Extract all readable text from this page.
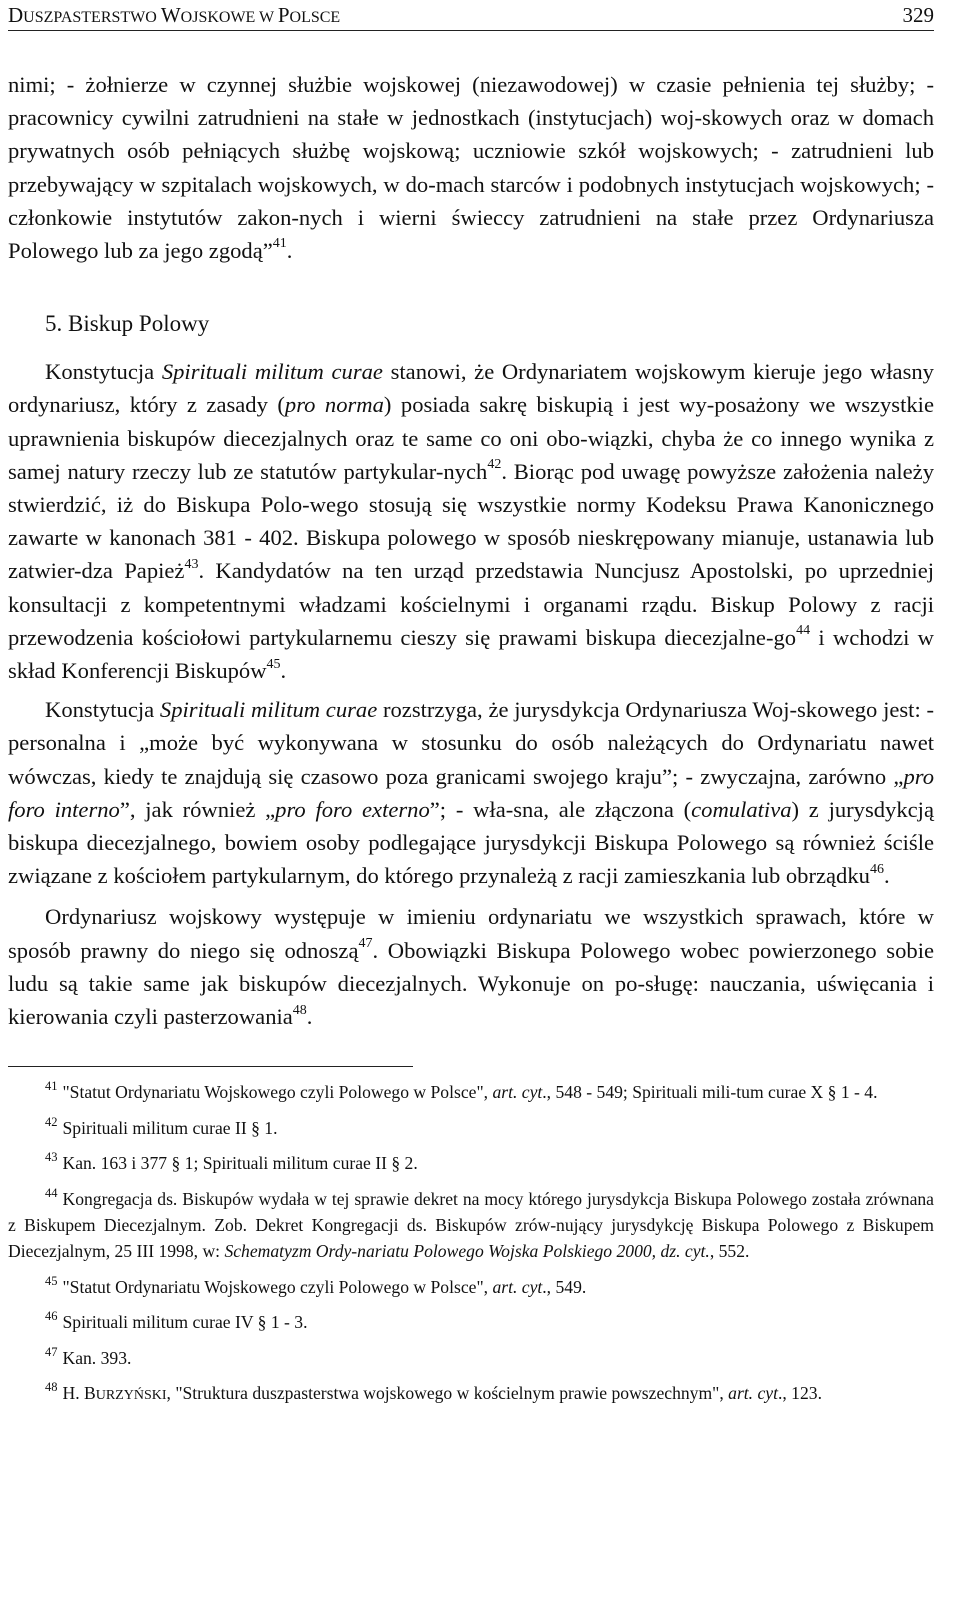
DUSZPASTERSTWO WOJSKOWE W POLSCE	329

nimi; - żołnierze w czynnej służbie wojskowej (niezawodowej) w czasie pełnienia tej służby; - pracownicy cywilni zatrudnieni na stałe w jednostkach (instytucjach) woj-skowych oraz w domach prywatnych osób pełniących służbę wojskową; uczniowie szkół wojskowych; - zatrudnieni lub przebywający w szpitalach wojskowych, w do-mach starców i podobnych instytucjach wojskowych; - członkowie instytutów zakon-nych i wierni świeccy zatrudnieni na stałe przez Ordynariusza Polowego lub za jego zgodą”$^{41}$.

5. Biskup Polowy

Konstytucja Spirituali militum curae stanowi, że Ordynariatem wojskowym kieruje jego własny ordynariusz, który z zasady (pro norma) posiada sakrę biskupią i jest wy-posażony we wszystkie uprawnienia biskupów diecezjalnych oraz te same co oni obo-wiązki, chyba że co innego wynika z samej natury rzeczy lub ze statutów partykular-nych$^{42}$. Biorąc pod uwagę powyższe założenia należy stwierdzić, iż do Biskupa Polo-wego stosują się wszystkie normy Kodeksu Prawa Kanonicznego zawarte w kanonach 381 - 402. Biskupa polowego w sposób nieskrępowany mianuje, ustanawia lub zatwier-dza Papież$^{43}$. Kandydatów na ten urząd przedstawia Nuncjusz Apostolski, po uprzedniej konsultacji z kompetentnymi władzami kościelnymi i organami rządu. Biskup Polowy z racji przewodzenia kościołowi partykularnemu cieszy się prawami biskupa diecezjalne-$go^{44}$ i wchodzi w skład Konferencji Biskupów$^{45}$.

Konstytucja Spirituali militum curae rozstrzyga, że jurysdykcja Ordynariusza Woj-skowego jest: - personalna i „może być wykonywana w stosunku do osób należących do Ordynariatu nawet wówczas, kiedy te znajdują się czasowo poza granicami swojego kraju”; - zwyczajna, zarówno „pro foro interno”, jak również „pro foro externo”; - wła-sna, ale złączona (comulativa) z jurysdykcją biskupa diecezjalnego, bowiem osoby podlegające jurysdykcji Biskupa Polowego są również ściśle związane z kościołem partykularnym, do którego przynależą z racji zamieszkania lub obrządku$^{46}$.

Ordynariusz wojskowy występuje w imieniu ordynariatu we wszystkich sprawach, które w sposób prawny do niego się odnoszą$^{47}$. Obowiązki Biskupa Polowego wobec powierzonego sobie ludu są takie same jak biskupów diecezjalnych. Wykonuje on po-sługę: nauczania, uświęcania i kierowania czyli pasterzowania$^{48}$.

$^{41}$ "Statut Ordynariatu Wojskowego czyli Polowego w Polsce", art. cyt., 548 - 549; Spirituali mili-tum curae X § 1 - 4.

$^{42}$ Spirituali militum curae II § 1.

$^{43}$ Kan. 163 i 377 § 1; Spirituali militum curae II § 2.

$^{44}$ Kongregacja ds. Biskupów wydała w tej sprawie dekret na mocy którego jurysdykcja Biskupa Polowego została zrównana z Biskupem Diecezjalnym. Zob. Dekret Kongregacji ds. Biskupów zrów-nujący jurysdykcję Biskupa Polowego z Biskupem Diecezjalnym, 25 III 1998, w: Schematyzm Ordy-nariatu Polowego Wojska Polskiego 2000, dz. cyt., 552.

$^{45}$ "Statut Ordynariatu Wojskowego czyli Polowego w Polsce", art. cyt., 549.

$^{46}$ Spirituali militum curae IV § 1 - 3.

$^{47}$ Kan. 393.

$^{48}$ H. BURZYŃSKI, "Struktura duszpasterstwa wojskowego w kościelnym prawie powszechnym", art. cyt., 123.
